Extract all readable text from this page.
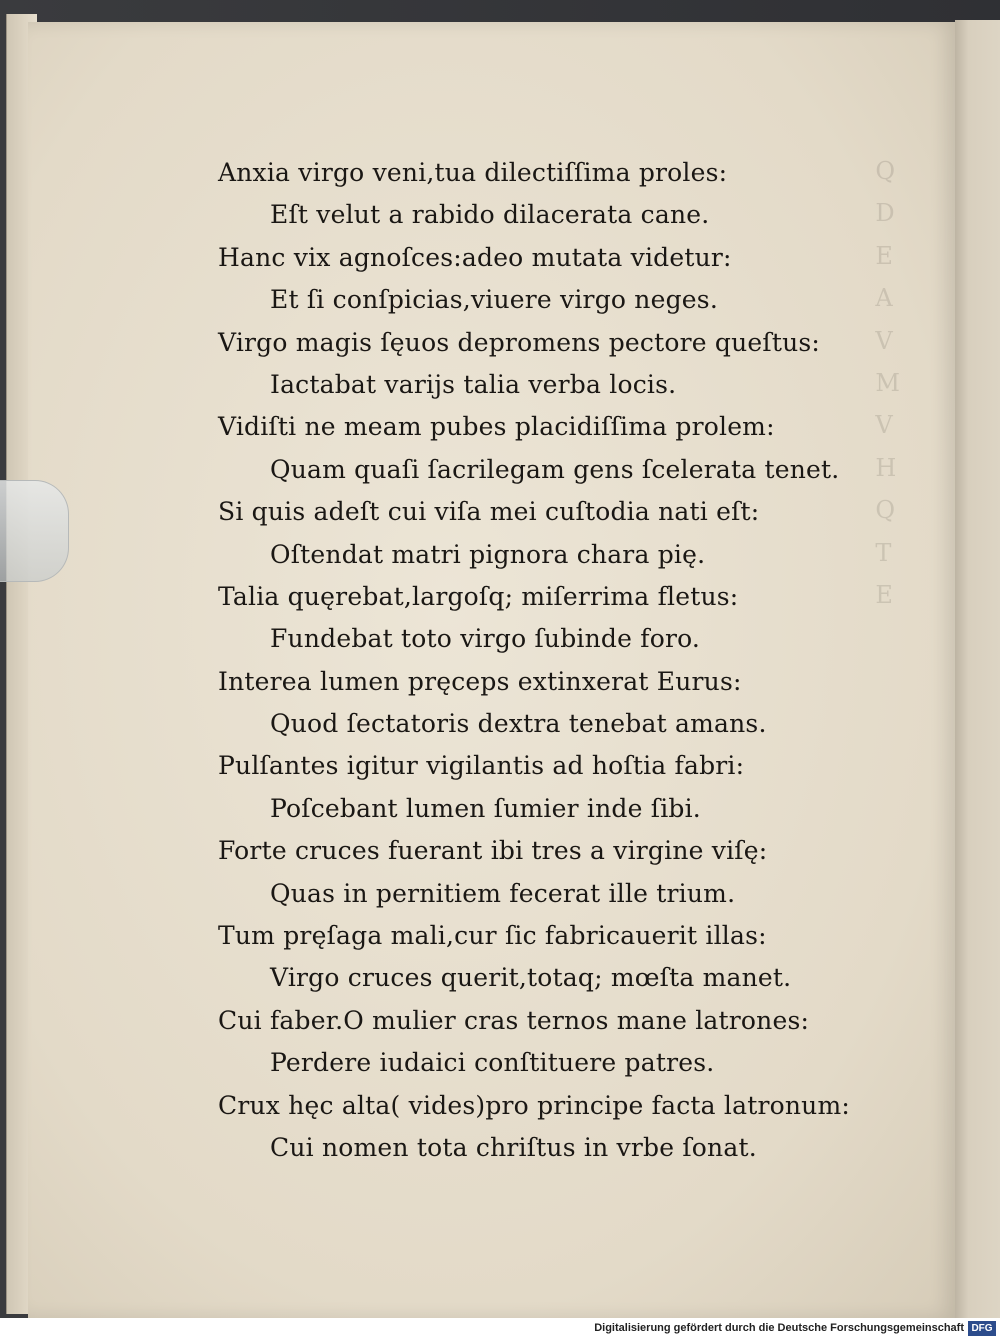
Q
D
E
A
V
M
V
H
Q
T
E
Anxia virgo veni,tua dilectiſſima proles:
Eſt velut a rabido dilacerata cane.
Hanc vix agnoſces:adeo mutata videtur:
Et ſi conſpicias,viuere virgo neges.
Virgo magis ſęuos depromens pectore queſtus:
Iactabat varijs talia verba locis.
Vidiſti ne meam pubes placidiſſima prolem:
Quam quaſi ſacrilegam gens ſcelerata tenet.
Si quis adeſt cui viſa mei cuſtodia nati eſt:
Oſtendat matri pignora chara pię.
Talia quęrebat,largoſq; miſerrima fletus:
Fundebat toto virgo ſubinde foro.
Interea lumen pręceps extinxerat Eurus:
Quod ſectatoris dextra tenebat amans.
Pulſantes igitur vigilantis ad hoſtia fabri:
Poſcebant lumen ſumier inde ſibi.
Forte cruces fuerant ibi tres a virgine viſę:
Quas in pernitiem fecerat ille trium.
Tum pręſaga mali,cur ſic fabricauerit illas:
Virgo cruces querit,totaq; mœſta manet.
Cui faber.O mulier cras ternos mane latrones:
Perdere iudaici conſtituere patres.
Crux hęc alta( vides)pro principe facta latronum:
Cui nomen tota chriſtus in vrbe ſonat.
Digitalisierung gefördert durch die Deutsche Forschungsgemeinschaft DFG
